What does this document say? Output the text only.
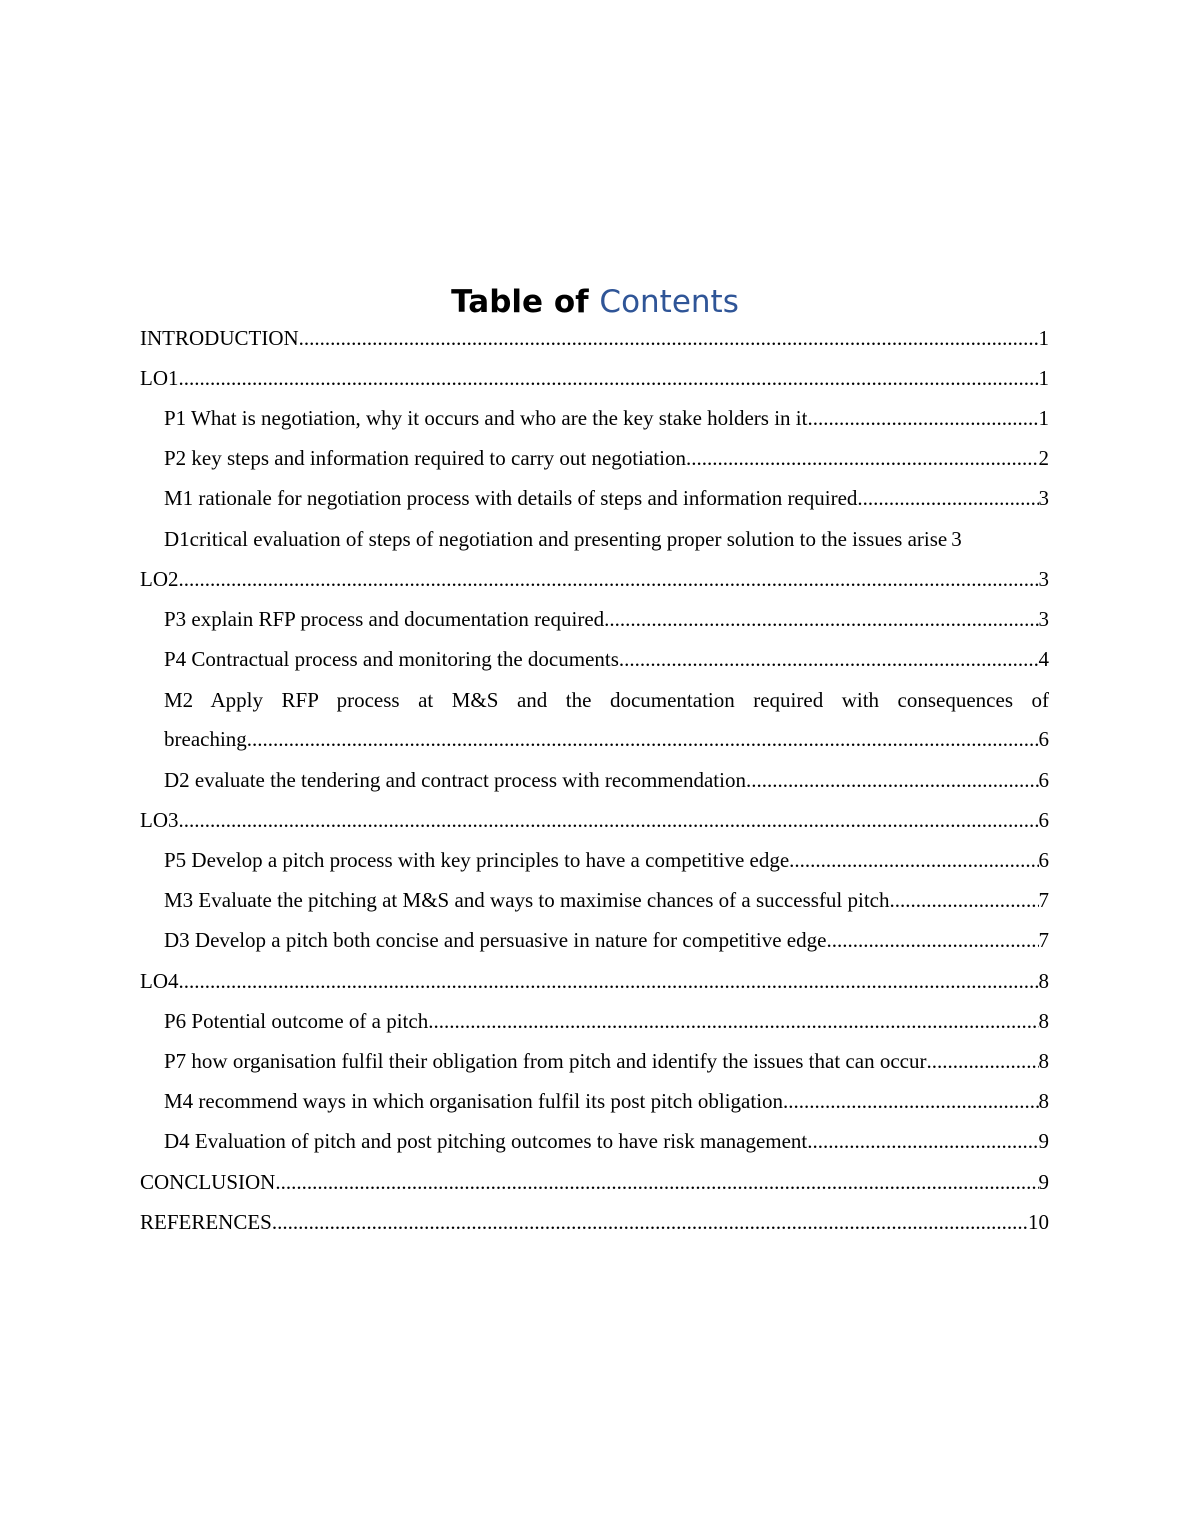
Table of Contents
INTRODUCTION .....	1
LO1 .....	1
P1 What is negotiation, why it occurs and who are the key stake holders in it .....	1
P2 key steps and information required to carry out negotiation .....	2
M1 rationale for negotiation process with details of steps and information required .....	3
D1critical evaluation of steps of negotiation and presenting proper solution to the issues arise 3
LO2 .....	3
P3 explain RFP process and documentation required .....	3
P4 Contractual process and monitoring the documents .....	4
M2 Apply RFP process at M&S and the documentation required with consequences of
breaching .....	6
D2 evaluate the tendering and contract process with recommendation .....	6
LO3 .....	6
P5 Develop a pitch process with key principles to have a competitive edge .....	6
M3 Evaluate the pitching at M&S and ways to maximise chances of a successful pitch .....	7
D3 Develop a pitch both concise and persuasive in nature for competitive edge .....	7
LO4 .....	8
P6 Potential outcome of a pitch .....	8
P7 how organisation fulfil their obligation from pitch and identify the issues that can occur .....	8
M4 recommend ways in which organisation fulfil its post pitch obligation .....	8
D4 Evaluation of pitch and post pitching outcomes to have risk management .....	9
CONCLUSION .....	9
REFERENCES .....	10
